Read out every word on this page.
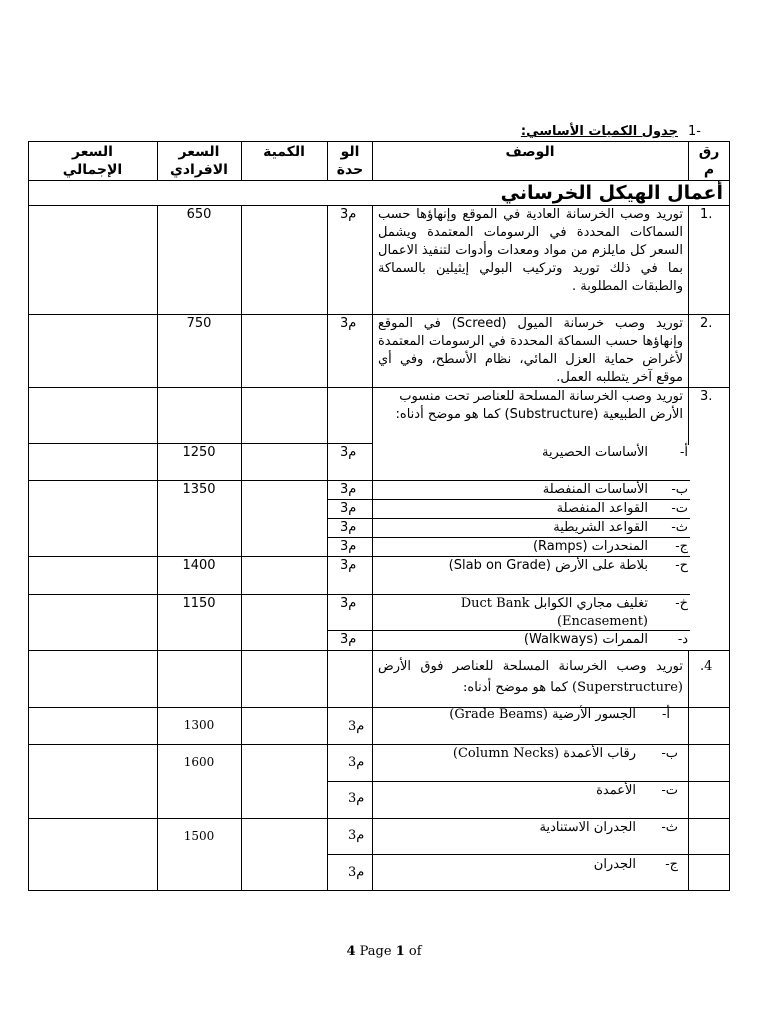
-1
جدول الكميات الأساسي:
رق
م
الوصف
الو
حدة
الكمية
السعر
الافرادي
السعر
الإجمالي
أعمال الهيكل الخرساني
1.
توريد وصب الخرسانة العادية في الموقع وإنهاؤها حسب السماكات المحددة في الرسومات المعتمدة ويشمل السعر كل مايلزم من مواد ومعدات وأدوات لتنفيذ الاعمال بما في ذلك توريد وتركيب البولي إيثيلين بالسماكة والطبقات المطلوبة .
م3
650
2.
توريد وصب خرسانة الميول (Screed) في الموقع وإنهاؤها حسب السماكة المحددة في الرسومات المعتمدة لأغراض حماية العزل المائي، نظام الأسطح، وفي أي موقع آخر يتطلبه العمل.
م3
750
3.
توريد وصب الخرسانة المسلحة للعناصر تحت منسوب الأرض الطبيعية (Substructure) كما هو موضح أدناه:
أ-
الأساسات الحصيرية
م3
1250
ب-
الأساسات المنفصلة
م3
1350
ت-
القواعد المنفصلة
م3
ث-
القواعد الشريطية
م3
ج-
المنحدرات (Ramps)
م3
ح-
بلاطة على الأرض (Slab on Grade)
م3
1400
خ-
تغليف مجاري الكوابل Duct Bank (Encasement)
م3
1150
د-
الممرات (Walkways)
م3
.4
توريد وصب الخرسانة المسلحة للعناصر فوق الأرض (Superstructure) كما هو موضح أدناه:
أ-
الجسور الأرضية (Grade Beams)
م3
1300
ب-
رقاب الأعمدة (Column Necks)
م3
1600
ت-
الأعمدة
م3
ث-
الجدران الاستنادية
م3
1500
ج-
الجدران
م3
4 Page 1 of
